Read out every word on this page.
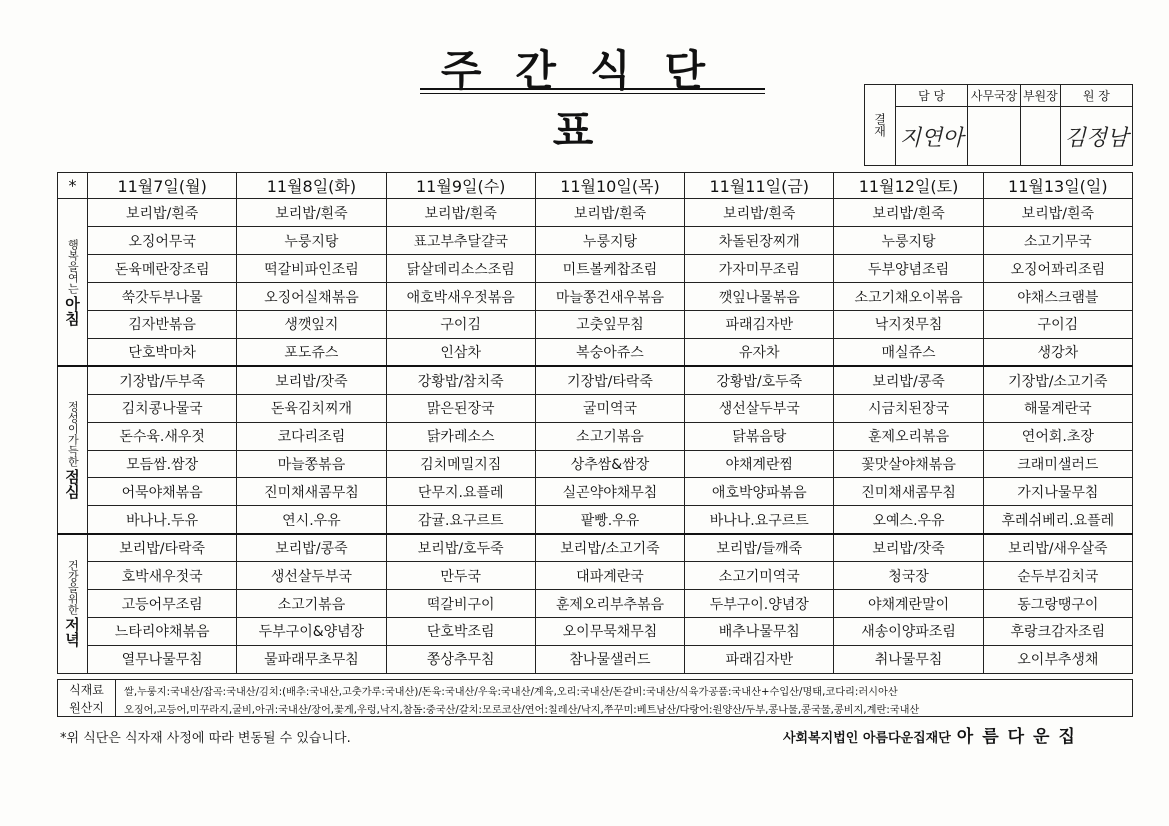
주간식단표	결재	담 당	사무국장	부원장	원 장
	지연아			김정남
*	11월7일(월)	11월8일(화)	11월9일(수)	11월10일(목)	11월11일(금)	11월12일(토)	11월13일(일)

행복을여는
아침	보리밥/흰죽	보리밥/흰죽	보리밥/흰죽	보리밥/흰죽	보리밥/흰죽	보리밥/흰죽	보리밥/흰죽
	오징어무국	누룽지탕	표고부추달걀국	누룽지탕	차돌된장찌개	누룽지탕	소고기무국
	돈육메란장조림	떡갈비파인조림	닭살데리소스조림	미트볼케찹조림	가자미무조림	두부양념조림	오징어꽈리조림
	쑥갓두부나물	오징어실채볶음	애호박새우젓볶음	마늘쫑건새우볶음	깻잎나물볶음	소고기채오이볶음	야채스크램블
	김자반볶음	생깻잎지	구이김	고춧잎무침	파래김자반	낙지젓무침	구이김
	단호박마차	포도쥬스	인삼차	복숭아쥬스	유자차	매실쥬스	생강차

정성이가득한
점심	기장밥/두부죽	보리밥/잣죽	강황밥/참치죽	기장밥/타락죽	강황밥/호두죽	보리밥/콩죽	기장밥/소고기죽
	김치콩나물국	돈육김치찌개	맑은된장국	굴미역국	생선살두부국	시금치된장국	해물계란국
	돈수육.새우젓	코다리조림	닭카레소스	소고기볶음	닭볶음탕	훈제오리볶음	연어회.초장
	모듬쌈.쌈장	마늘쫑볶음	김치메밀지짐	상추쌈&쌈장	야채계란찜	꽃맛살야채볶음	크래미샐러드
	어묵야채볶음	진미채새콤무침	단무지.요플레	실곤약야채무침	애호박양파볶음	진미채새콤무침	가지나물무침
	바나나.두유	연시.우유	감귤.요구르트	팥빵.우유	바나나.요구르트	오예스.우유	후레쉬베리.요플레

건강을위한
저녁	보리밥/타락죽	보리밥/콩죽	보리밥/호두죽	보리밥/소고기죽	보리밥/들깨죽	보리밥/잣죽	보리밥/새우살죽
	호박새우젓국	생선살두부국	만두국	대파계란국	소고기미역국	청국장	순두부김치국
	고등어무조림	소고기볶음	떡갈비구이	훈제오리부추볶음	두부구이.양념장	야채계란말이	동그랑땡구이
	느타리야채볶음	두부구이&양념장	단호박조림	오이무묵채무침	배추나물무침	새송이양파조림	후랑크감자조림
	열무나물무침	물파래무초무침	쫑상추무침	참나물샐러드	파래김자반	취나물무침	오이부추생채
식재료
원산지
쌀,누룽지:국내산/잡곡:국내산/김치:(배추:국내산,고춧가루:국내산)/돈육:국내산/우육:국내산/계육,오리:국내산/돈갈비:국내산/식육가공품:국내산+수입산/명태,코다리:러시아산
오징어,고등어,미꾸라지,굴비,아귀:국내산/장어,꽃게,우렁,낙지,참돔:중국산/갈치:모로코산/연어:칠레산/낙지,쭈꾸미:베트남산/다랑어:원양산/두부,콩나물,콩국물,콩비지,계란:국내산
*위 식단은 식자재 사정에 따라 변동될 수 있습니다.	사회복지법인 아름다운집재단 아름다운집
